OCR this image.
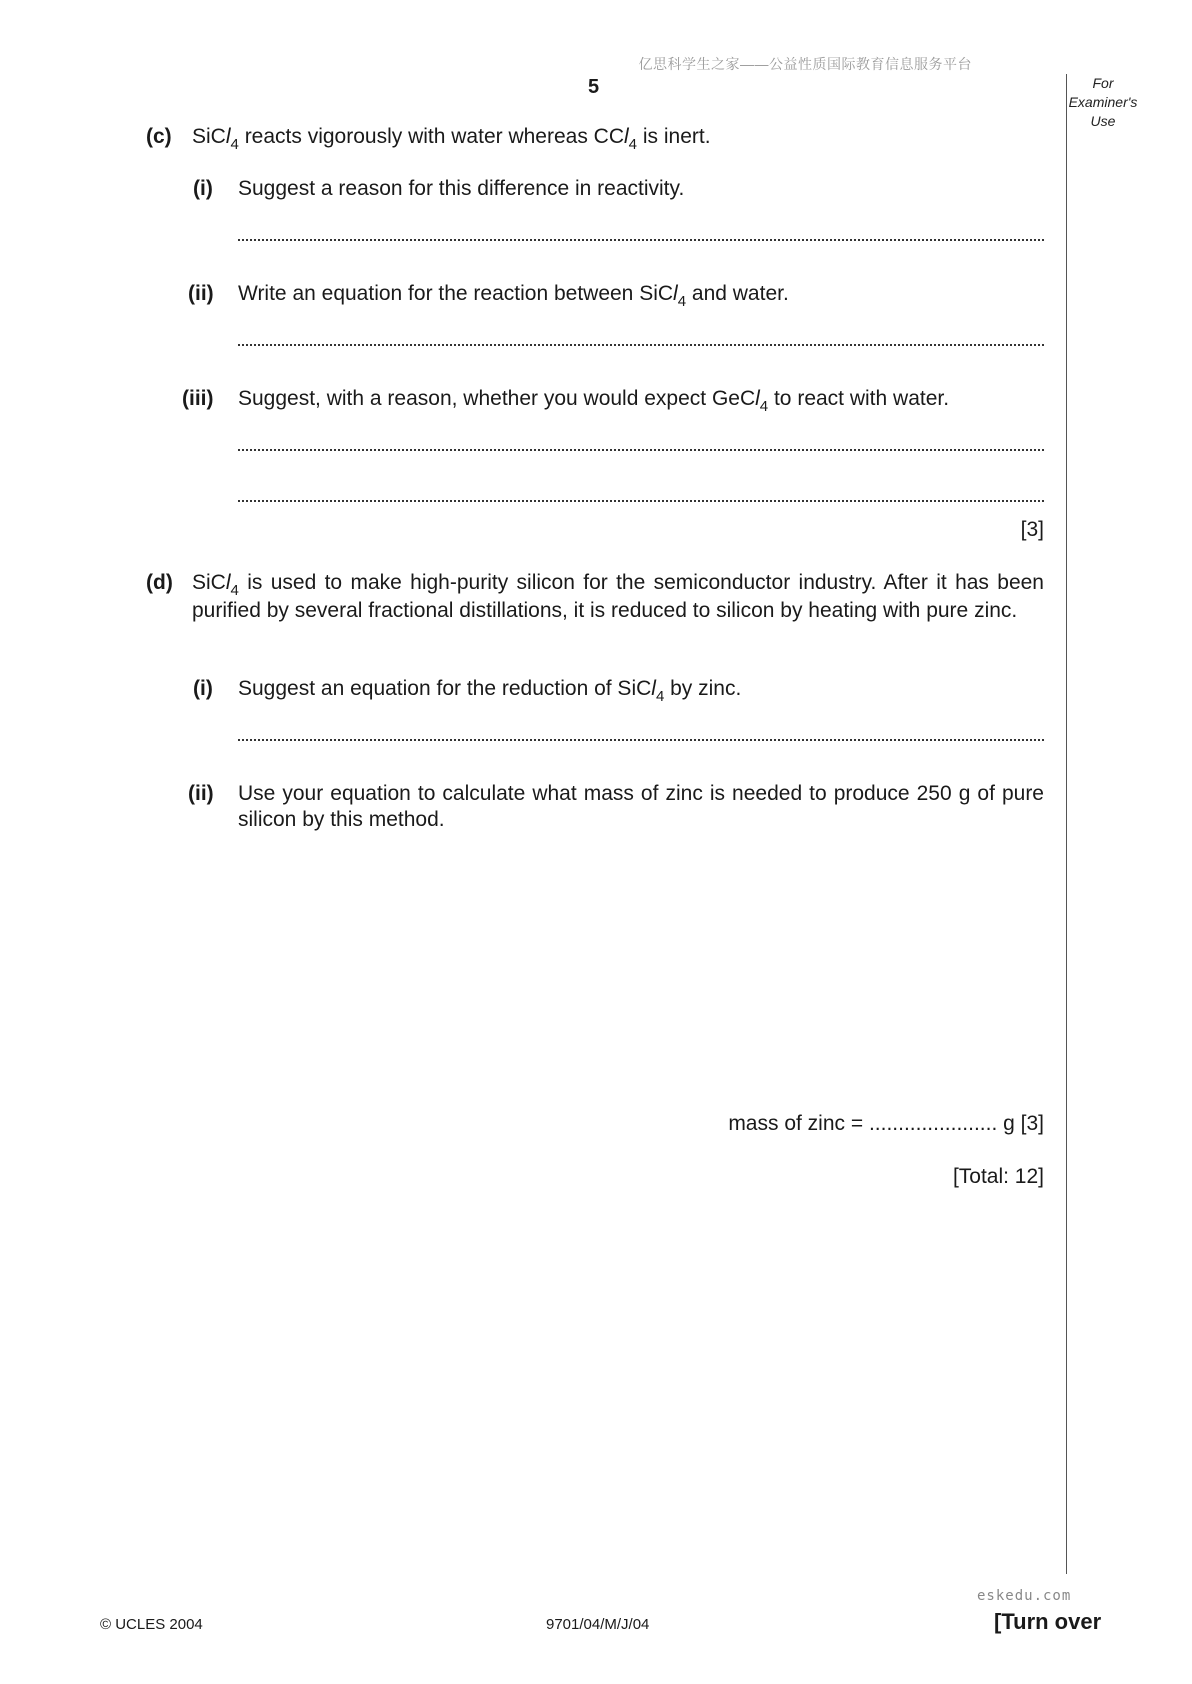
亿思科学生之家——公益性质国际教育信息服务平台
5	For
Examiner's
Use
(c) SiCl$_4$ reacts vigorously with water whereas CCl$_4$ is inert.
(i) Suggest a reason for this difference in reactivity.
(ii) Write an equation for the reaction between SiCl$_4$ and water.
(iii) Suggest, with a reason, whether you would expect GeCl$_4$ to react with water.
[3]
(d) SiCl$_4$ is used to make high-purity silicon for the semiconductor industry. After it has been purified by several fractional distillations, it is reduced to silicon by heating with pure zinc.
(i) Suggest an equation for the reduction of SiCl$_4$ by zinc.
(ii) Use your equation to calculate what mass of zinc is needed to produce 250 g of pure silicon by this method.
mass of zinc = ...................... g [3]
[Total: 12]
eskedu.com
© UCLES 2004	9701/04/M/J/04	[Turn over
